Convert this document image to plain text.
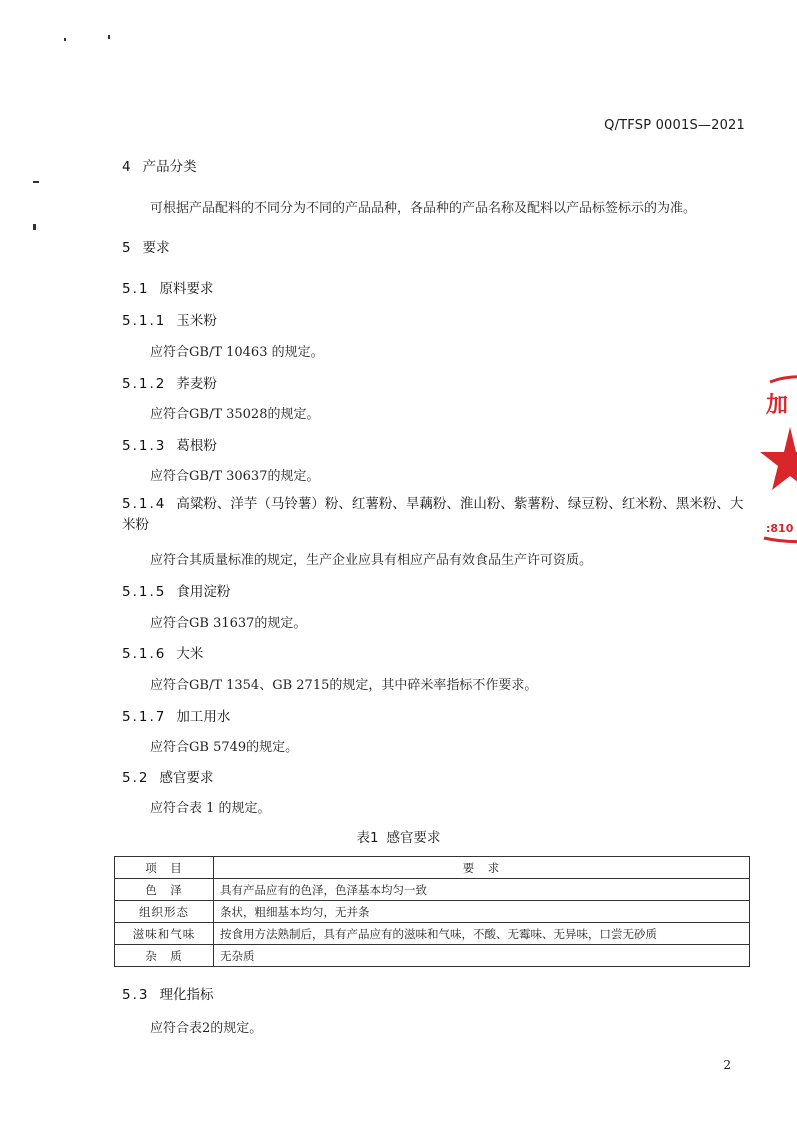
Q/TFSP 0001S—2021
4 产品分类
可根据产品配料的不同分为不同的产品品种，各品种的产品名称及配料以产品标签标示的为准。
5 要求
5.1 原料要求
5.1.1 玉米粉
应符合GB/T 10463 的规定。
5.1.2 荞麦粉
应符合GB/T 35028的规定。
5.1.3 葛根粉
应符合GB/T 30637的规定。
5.1.4 高粱粉、洋芋（马铃薯）粉、红薯粉、旱藕粉、淮山粉、紫薯粉、绿豆粉、红米粉、黑米粉、大米粉
应符合其质量标准的规定，生产企业应具有相应产品有效食品生产许可资质。
5.1.5 食用淀粉
应符合GB 31637的规定。
5.1.6 大米
应符合GB/T 1354、GB 2715的规定，其中碎米率指标不作要求。
5.1.7 加工用水
应符合GB 5749的规定。
5.2 感官要求
应符合表 1 的规定。
表1 感官要求
项　目	要　求
色　泽	具有产品应有的色泽，色泽基本均匀一致
组织形态	条状，粗细基本均匀，无并条
滋味和气味	按食用方法熟制后，具有产品应有的滋味和气味，不酸、无霉味、无异味，口尝无砂质
杂　质	无杂质
5.3 理化指标
应符合表2的规定。
2
加
:810
